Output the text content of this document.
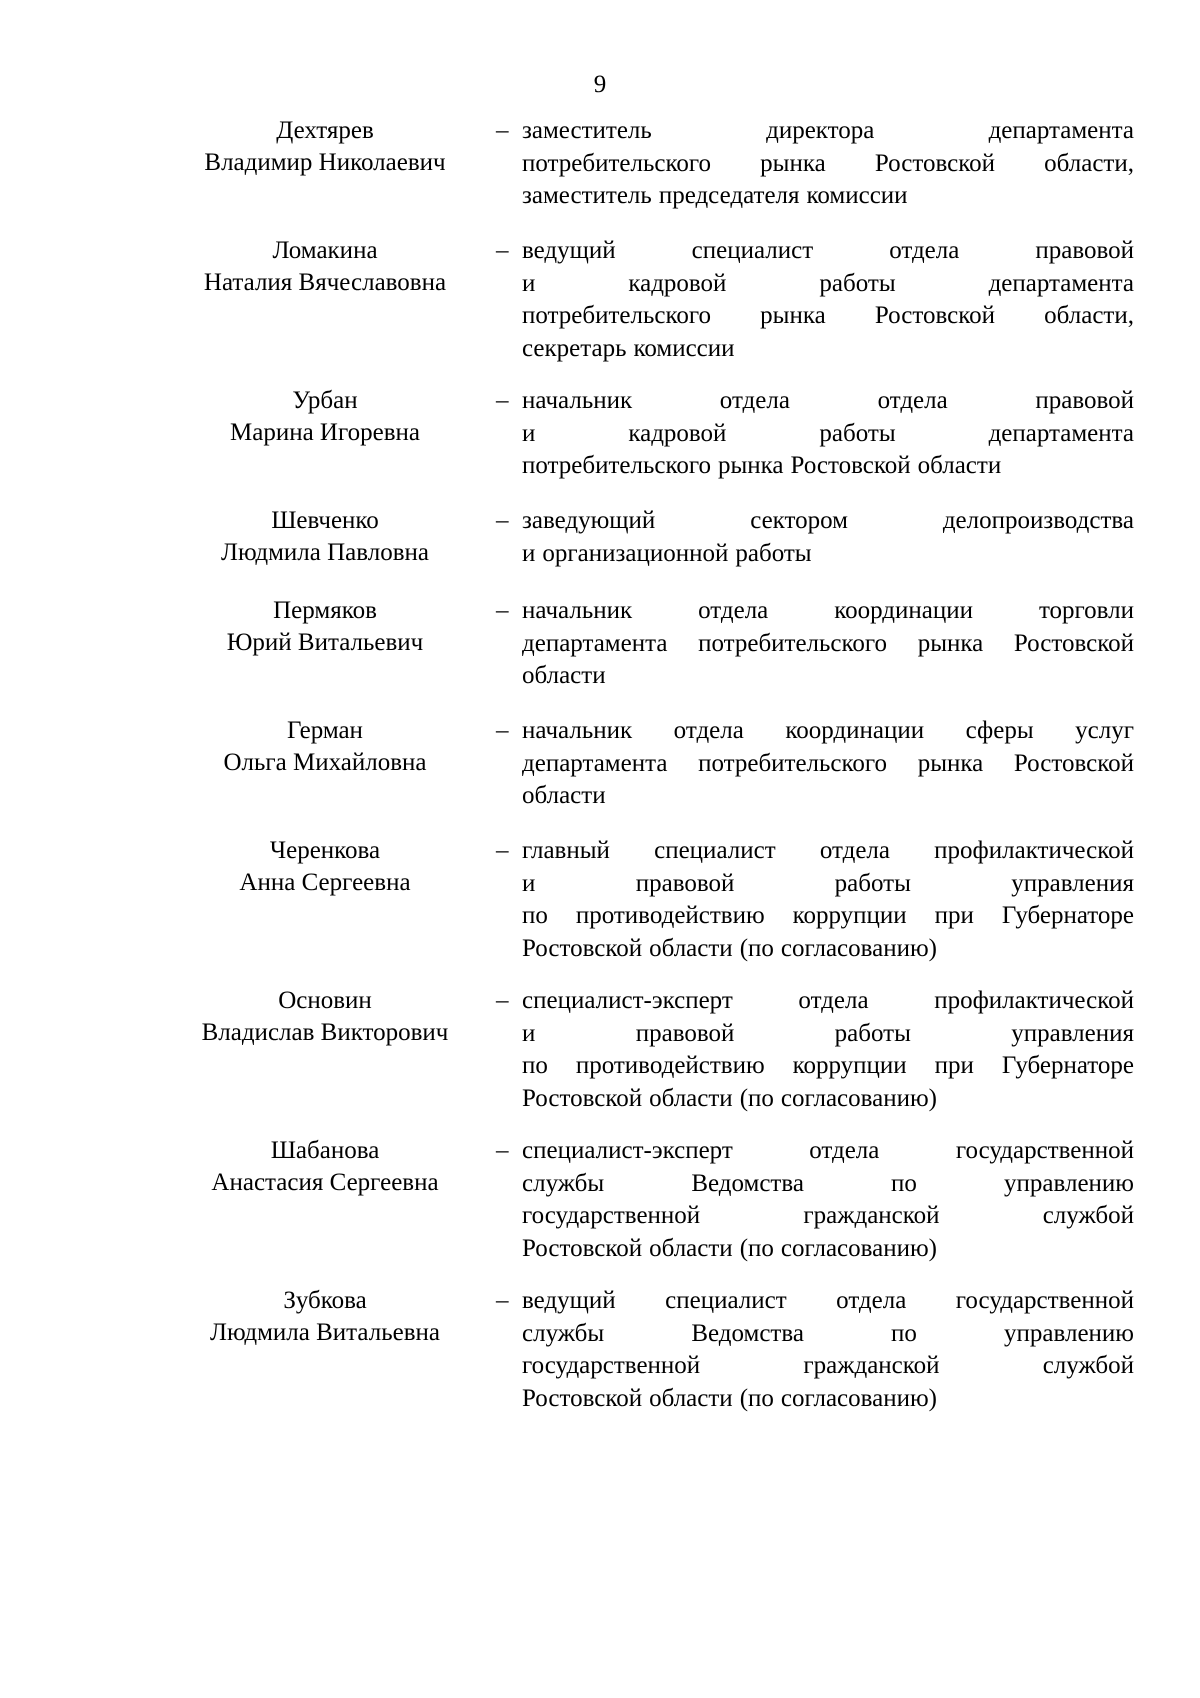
9
Дехтярев
Владимир Николаевич
– заместитель	директора	департамента
потребительского рынка Ростовской области,
заместитель председателя комиссии
Ломакина
Наталия Вячеславовна
– ведущий	специалист	отдела	правовой
и	кадровой	работы	департамента
потребительского рынка Ростовской области,
секретарь комиссии
Урбан
Марина Игоревна
– начальник	отдела	отдела	правовой
и	кадровой	работы	департамента
потребительского рынка Ростовской области
Шевченко
Людмила Павловна
– заведующий	сектором	делопроизводства
и организационной работы
Пермяков
Юрий Витальевич
– начальник	отдела	координации	торговли
департамента потребительского рынка Ростовской
области
Герман
Ольга Михайловна
– начальник отдела координации сферы услуг
департамента потребительского рынка Ростовской
области
Черенкова
Анна Сергеевна
– главный специалист отдела профилактической
и	правовой	работы	управления
по противодействию коррупции при Губернаторе
Ростовской области (по согласованию)
Основин
Владислав Викторович
– специалист-эксперт	отдела	профилактической
и	правовой	работы	управления
по противодействию коррупции при Губернаторе
Ростовской области (по согласованию)
Шабанова
Анастасия Сергеевна
– специалист-эксперт	отдела	государственной
службы	Ведомства	по	управлению
государственной	гражданской	службой
Ростовской области (по согласованию)
Зубкова
Людмила Витальевна
– ведущий специалист отдела государственной
службы	Ведомства	по	управлению
государственной	гражданской	службой
Ростовской области (по согласованию)
